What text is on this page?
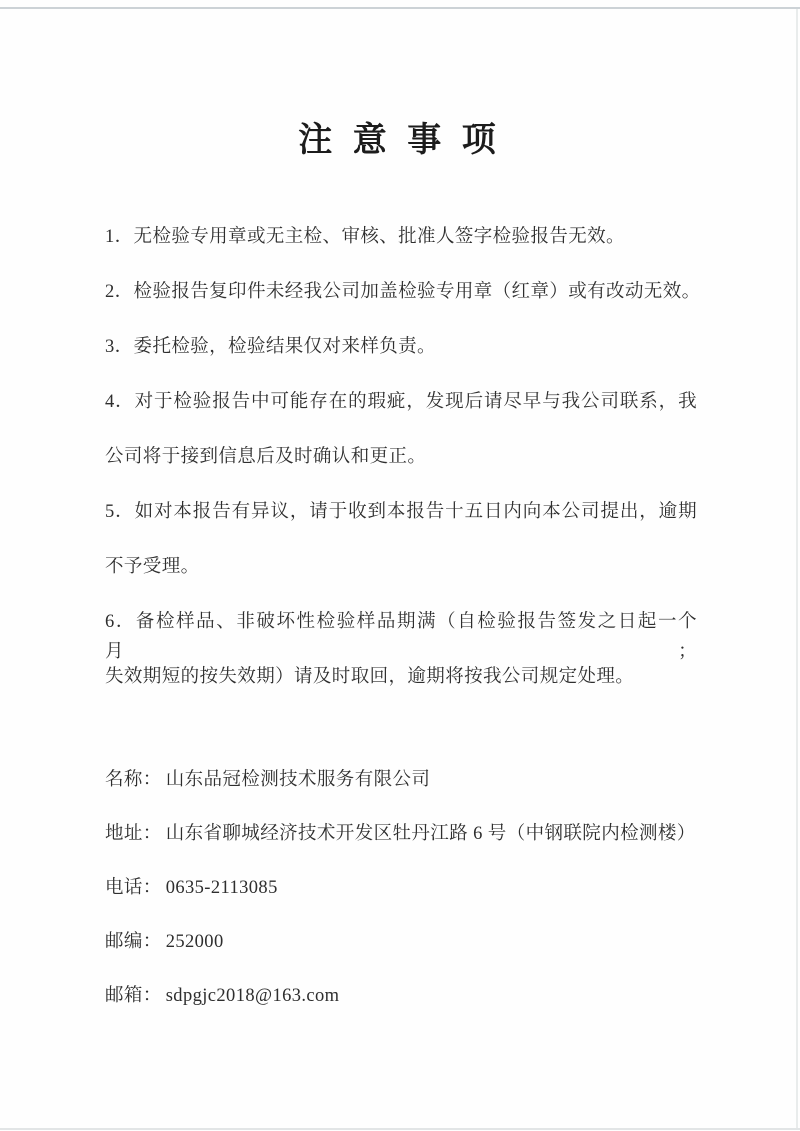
注 意 事 项
1．无检验专用章或无主检、审核、批准人签字检验报告无效。
2．检验报告复印件未经我公司加盖检验专用章（红章）或有改动无效。
3．委托检验，检验结果仅对来样负责。
4．对于检验报告中可能存在的瑕疵，发现后请尽早与我公司联系，我
公司将于接到信息后及时确认和更正。
5．如对本报告有异议，请于收到本报告十五日内向本公司提出，逾期
不予受理。
6．备检样品、非破坏性检验样品期满（自检验报告签发之日起一个月；
失效期短的按失效期）请及时取回，逾期将按我公司规定处理。
名称： 山东品冠检测技术服务有限公司
地址： 山东省聊城经济技术开发区牡丹江路 6 号（中钢联院内检测楼）
电话： 0635-2113085
邮编： 252000
邮箱： sdpgjc2018@163.com
